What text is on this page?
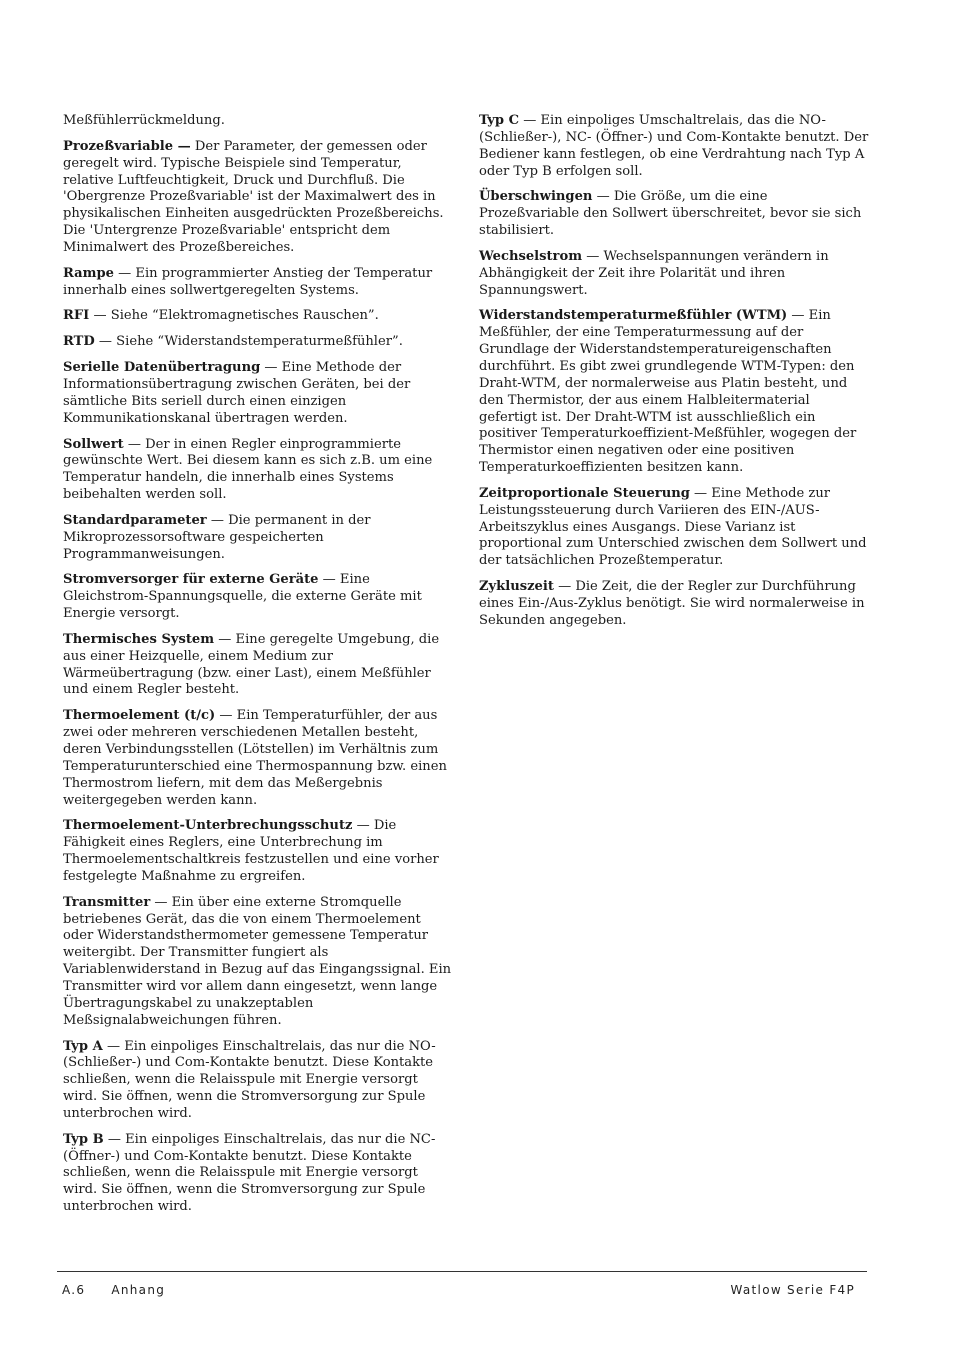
Meßfühlerrückmeldung.

Prozeßvariable — Der Parameter, der gemessen oder geregelt wird. Typische Beispiele sind Temperatur, relative Luftfeuchtigkeit, Druck und Durchfluß. Die 'Obergrenze Prozeßvariable' ist der Maximalwert des in physikalischen Einheiten ausgedrückten Prozeßbereichs. Die 'Untergrenze Prozeßvariable' entspricht dem Minimalwert des Prozeßbereiches.

Rampe — Ein programmierter Anstieg der Temperatur innerhalb eines sollwertgeregelten Systems.

RFI — Siehe “Elektromagnetisches Rauschen”.

RTD — Siehe “Widerstandstemperaturmeßfühler”.

Serielle Datenübertragung — Eine Methode der Informationsübertragung zwischen Geräten, bei der sämtliche Bits seriell durch einen einzigen Kommunikationskanal übertragen werden.

Sollwert — Der in einen Regler einprogrammierte gewünschte Wert. Bei diesem kann es sich z.B. um eine Temperatur handeln, die innerhalb eines Systems beibehalten werden soll.

Standardparameter — Die permanent in der Mikroprozessorsoftware gespeicherten Programmanweisungen.

Stromversorger für externe Geräte — Eine Gleichstrom-Spannungsquelle, die externe Geräte mit Energie versorgt.

Thermisches System — Eine geregelte Umgebung, die aus einer Heizquelle, einem Medium zur Wärmeübertragung (bzw. einer Last), einem Meßfühler und einem Regler besteht.

Thermoelement (t/c) — Ein Temperaturfühler, der aus zwei oder mehreren verschiedenen Metallen besteht, deren Verbindungsstellen (Lötstellen) im Verhältnis zum Temperaturunterschied eine Thermospannung bzw. einen Thermostrom liefern, mit dem das Meßergebnis weitergegeben werden kann.

Thermoelement-Unterbrechungsschutz — Die Fähigkeit eines Reglers, eine Unterbrechung im Thermoelementschaltkreis festzustellen und eine vorher festgelegte Maßnahme zu ergreifen.

Transmitter — Ein über eine externe Stromquelle betriebenes Gerät, das die von einem Thermoelement oder Widerstandsthermometer gemessene Temperatur weitergibt. Der Transmitter fungiert als Variablenwiderstand in Bezug auf das Eingangssignal. Ein Transmitter wird vor allem dann eingesetzt, wenn lange Übertragungskabel zu unakzeptablen Meßsignalabweichungen führen.

Typ A — Ein einpoliges Einschaltrelais, das nur die NO- (Schließer-) und Com-Kontakte benutzt. Diese Kontakte schließen, wenn die Relaisspule mit Energie versorgt wird. Sie öffnen, wenn die Stromversorgung zur Spule unterbrochen wird.

Typ B — Ein einpoliges Einschaltrelais, das nur die NC- (Öffner-) und Com-Kontakte benutzt. Diese Kontakte schließen, wenn die Relaisspule mit Energie versorgt wird. Sie öffnen, wenn die Stromversorgung zur Spule unterbrochen wird.

Typ C — Ein einpoliges Umschaltrelais, das die NO- (Schließer-), NC- (Öffner-) und Com-Kontakte benutzt. Der Bediener kann festlegen, ob eine Verdrahtung nach Typ A oder Typ B erfolgen soll.

Überschwingen — Die Größe, um die eine Prozeßvariable den Sollwert überschreitet, bevor sie sich stabilisiert.

Wechselstrom — Wechselspannungen verändern in Abhängigkeit der Zeit ihre Polarität und ihren Spannungswert.

Widerstandstemperaturmeßfühler (WTM) — Ein Meßfühler, der eine Temperaturmessung auf der Grundlage der Widerstandstemperatureigenschaften durchführt. Es gibt zwei grundlegende WTM-Typen: den Draht-WTM, der normalerweise aus Platin besteht, und den Thermistor, der aus einem Halbleitermaterial gefertigt ist. Der Draht-WTM ist ausschließlich ein positiver Temperaturkoeffizient-Meßfühler, wogegen der Thermistor einen negativen oder eine positiven Temperaturkoeffizienten besitzen kann.

Zeitproportionale Steuerung — Eine Methode zur Leistungssteuerung durch Variieren des EIN-/AUS-Arbeitszyklus eines Ausgangs. Diese Varianz ist proportional zum Unterschied zwischen dem Sollwert und der tatsächlichen Prozeßtemperatur.

Zykluszeit — Die Zeit, die der Regler zur Durchführung eines Ein-/Aus-Zyklus benötigt. Sie wird normalerweise in Sekunden angegeben.

A.6 Anhang	Watlow Serie F4P
